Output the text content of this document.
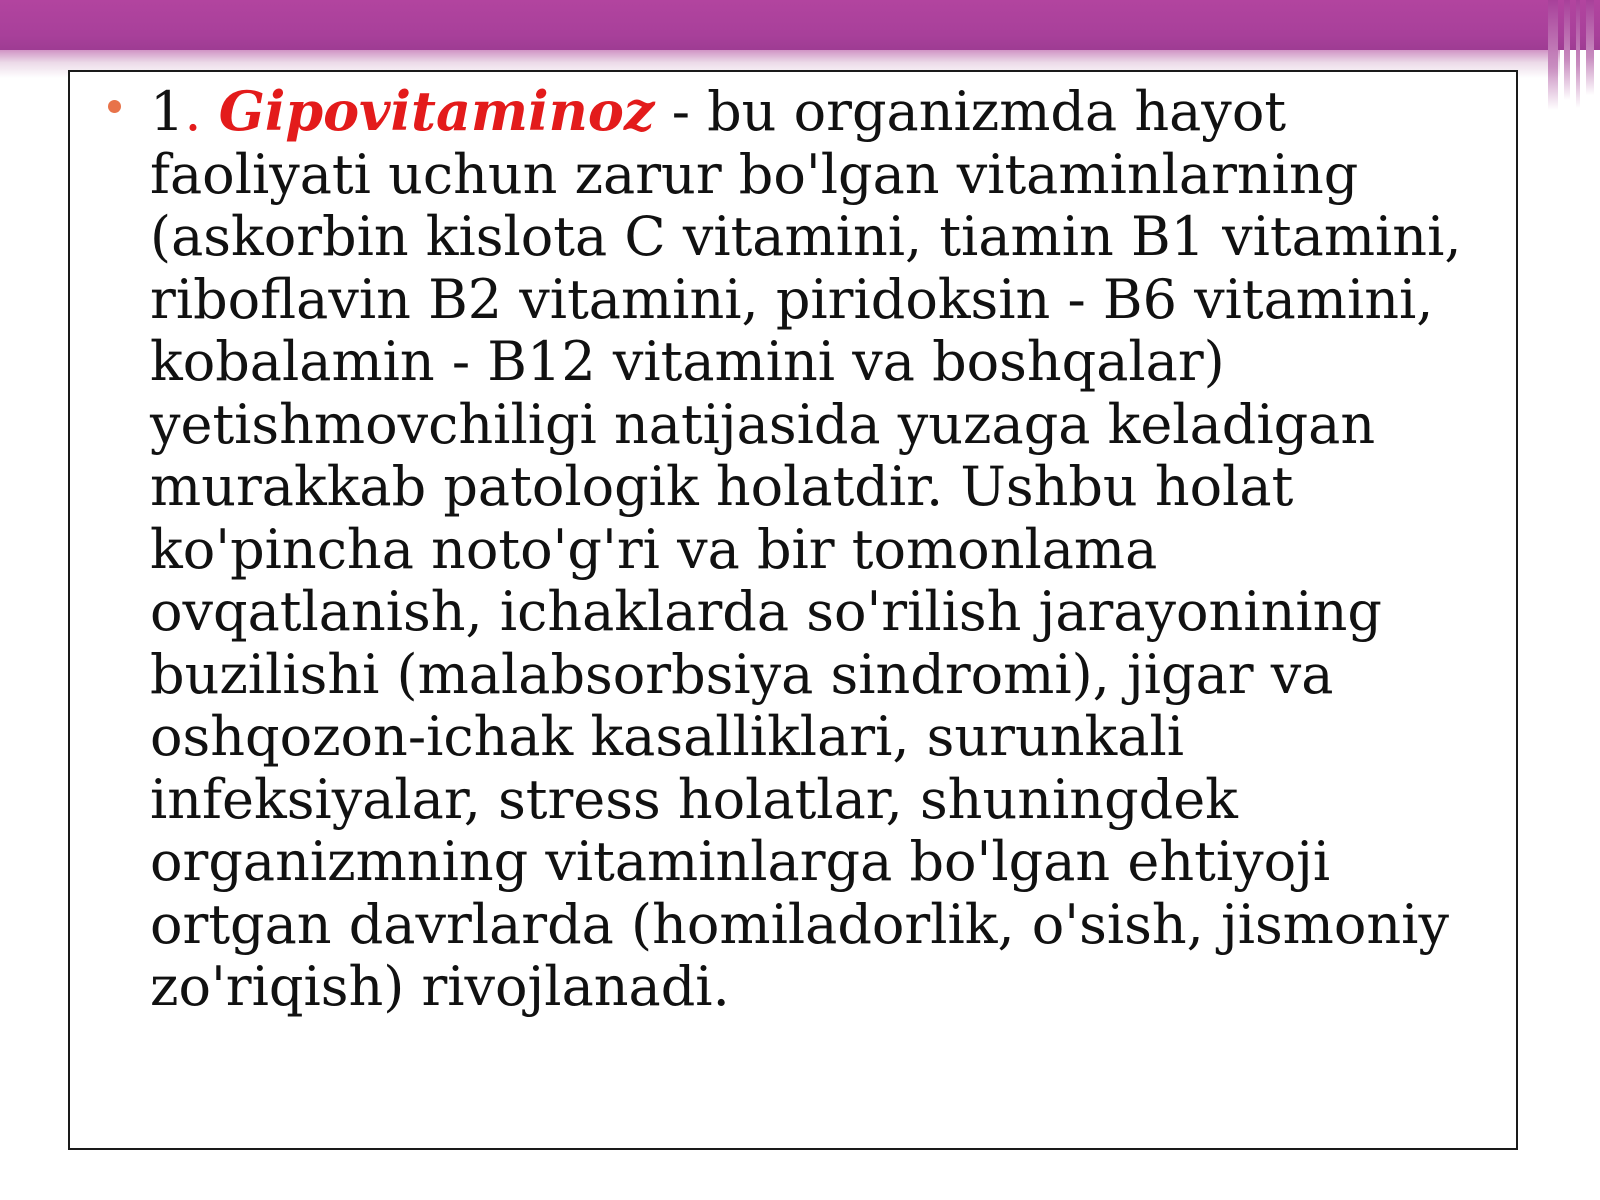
1. Gipovitaminoz - bu organizmda hayot faoliyati uchun zarur bo'lgan vitaminlarning (askorbin kislota C vitamini, tiamin B1 vitamini, riboflavin B2 vitamini, piridoksin - B6 vitamini, kobalamin - B12 vitamini va boshqalar) yetishmovchiligi natijasida yuzaga keladigan murakkab patologik holatdir. Ushbu holat ko'pincha noto'g'ri va bir tomonlama ovqatlanish, ichaklarda so'rilish jarayonining buzilishi (malabsorbsiya sindromi), jigar va oshqozon-ichak kasalliklari, surunkali infeksiyalar, stress holatlar, shuningdek organizmning vitaminlarga bo'lgan ehtiyoji ortgan davrlarda (homiladorlik, o'sish, jismoniy zo'riqish) rivojlanadi.
